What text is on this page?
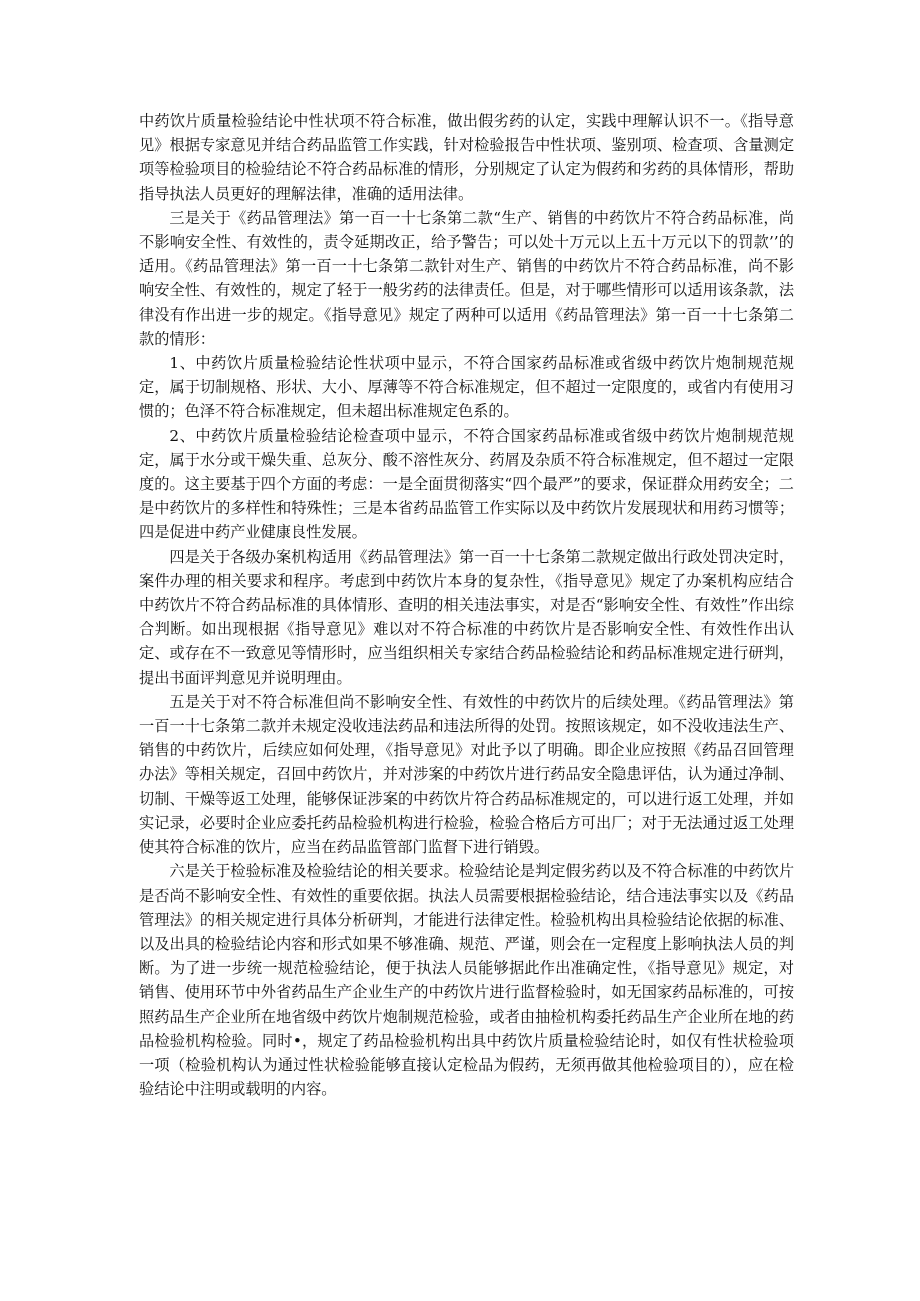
中药饮片质量检验结论中性状项不符合标准，做出假劣药的认定，实践中理解认识不一。《指导意见》根据专家意见并结合药品监管工作实践，针对检验报告中性状项、鉴别项、检查项、含量测定项等检验项目的检验结论不符合药品标准的情形，分别规定了认定为假药和劣药的具体情形，帮助指导执法人员更好的理解法律，准确的适用法律。

三是关于《药品管理法》第一百一十七条第二款“生产、销售的中药饮片不符合药品标准，尚不影响安全性、有效性的，责令延期改正，给予警告；可以处十万元以上五十万元以下的罚款’’的适用。《药品管理法》第一百一十七条第二款针对生产、销售的中药饮片不符合药品标准，尚不影响安全性、有效性的，规定了轻于一般劣药的法律责任。但是，对于哪些情形可以适用该条款，法律没有作出进一步的规定。《指导意见》规定了两种可以适用《药品管理法》第一百一十七条第二款的情形：

1、中药饮片质量检验结论性状项中显示，不符合国家药品标准或省级中药饮片炮制规范规定，属于切制规格、形状、大小、厚薄等不符合标准规定，但不超过一定限度的，或省内有使用习惯的；色泽不符合标准规定，但未超出标准规定色系的。

2、中药饮片质量检验结论检查项中显示，不符合国家药品标准或省级中药饮片炮制规范规定，属于水分或干燥失重、总灰分、酸不溶性灰分、药屑及杂质不符合标准规定，但不超过一定限度的。这主要基于四个方面的考虑：一是全面贯彻落实“四个最严”的要求，保证群众用药安全；二是中药饮片的多样性和特殊性；三是本省药品监管工作实际以及中药饮片发展现状和用药习惯等；四是促进中药产业健康良性发展。

四是关于各级办案机构适用《药品管理法》第一百一十七条第二款规定做出行政处罚决定时，案件办理的相关要求和程序。考虑到中药饮片本身的复杂性，《指导意见》规定了办案机构应结合中药饮片不符合药品标准的具体情形、查明的相关违法事实，对是否“影响安全性、有效性”作出综合判断。如出现根据《指导意见》难以对不符合标准的中药饮片是否影响安全性、有效性作出认定、或存在不一致意见等情形时，应当组织相关专家结合药品检验结论和药品标准规定进行研判，提出书面评判意见并说明理由。

五是关于对不符合标准但尚不影响安全性、有效性的中药饮片的后续处理。《药品管理法》第一百一十七条第二款并未规定没收违法药品和违法所得的处罚。按照该规定，如不没收违法生产、销售的中药饮片，后续应如何处理，《指导意见》对此予以了明确。即企业应按照《药品召回管理办法》等相关规定，召回中药饮片，并对涉案的中药饮片进行药品安全隐患评估，认为通过净制、切制、干燥等返工处理，能够保证涉案的中药饮片符合药品标准规定的，可以进行返工处理，并如实记录，必要时企业应委托药品检验机构进行检验，检验合格后方可出厂；对于无法通过返工处理使其符合标准的饮片，应当在药品监管部门监督下进行销毁。

六是关于检验标准及检验结论的相关要求。检验结论是判定假劣药以及不符合标准的中药饮片是否尚不影响安全性、有效性的重要依据。执法人员需要根据检验结论，结合违法事实以及《药品管理法》的相关规定进行具体分析研判，才能进行法律定性。检验机构出具检验结论依据的标准、以及出具的检验结论内容和形式如果不够准确、规范、严谨，则会在一定程度上影响执法人员的判断。为了进一步统一规范检验结论，便于执法人员能够据此作出准确定性，《指导意见》规定，对销售、使用环节中外省药品生产企业生产的中药饮片进行监督检验时，如无国家药品标准的，可按照药品生产企业所在地省级中药饮片炮制规范检验，或者由抽检机构委托药品生产企业所在地的药品检验机构检验。同时•，规定了药品检验机构出具中药饮片质量检验结论时，如仅有性状检验项一项（检验机构认为通过性状检验能够直接认定检品为假药，无须再做其他检验项目的），应在检验结论中注明或载明的内容。
